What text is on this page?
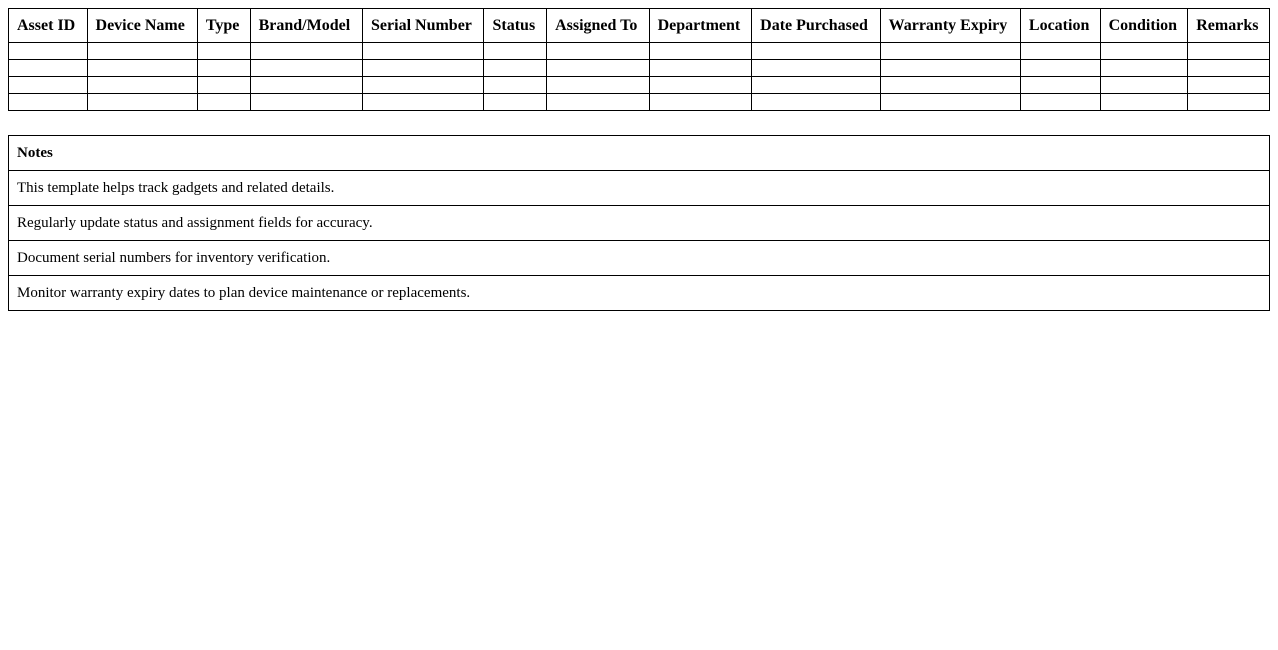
Asset ID	Device Name	Type	Brand/Model	Serial Number	Status	Assigned To	Department	Date Purchased	Warranty Expiry	Location	Condition	Remarks

Notes
This template helps track gadgets and related details.
Regularly update status and assignment fields for accuracy.
Document serial numbers for inventory verification.
Monitor warranty expiry dates to plan device maintenance or replacements.
